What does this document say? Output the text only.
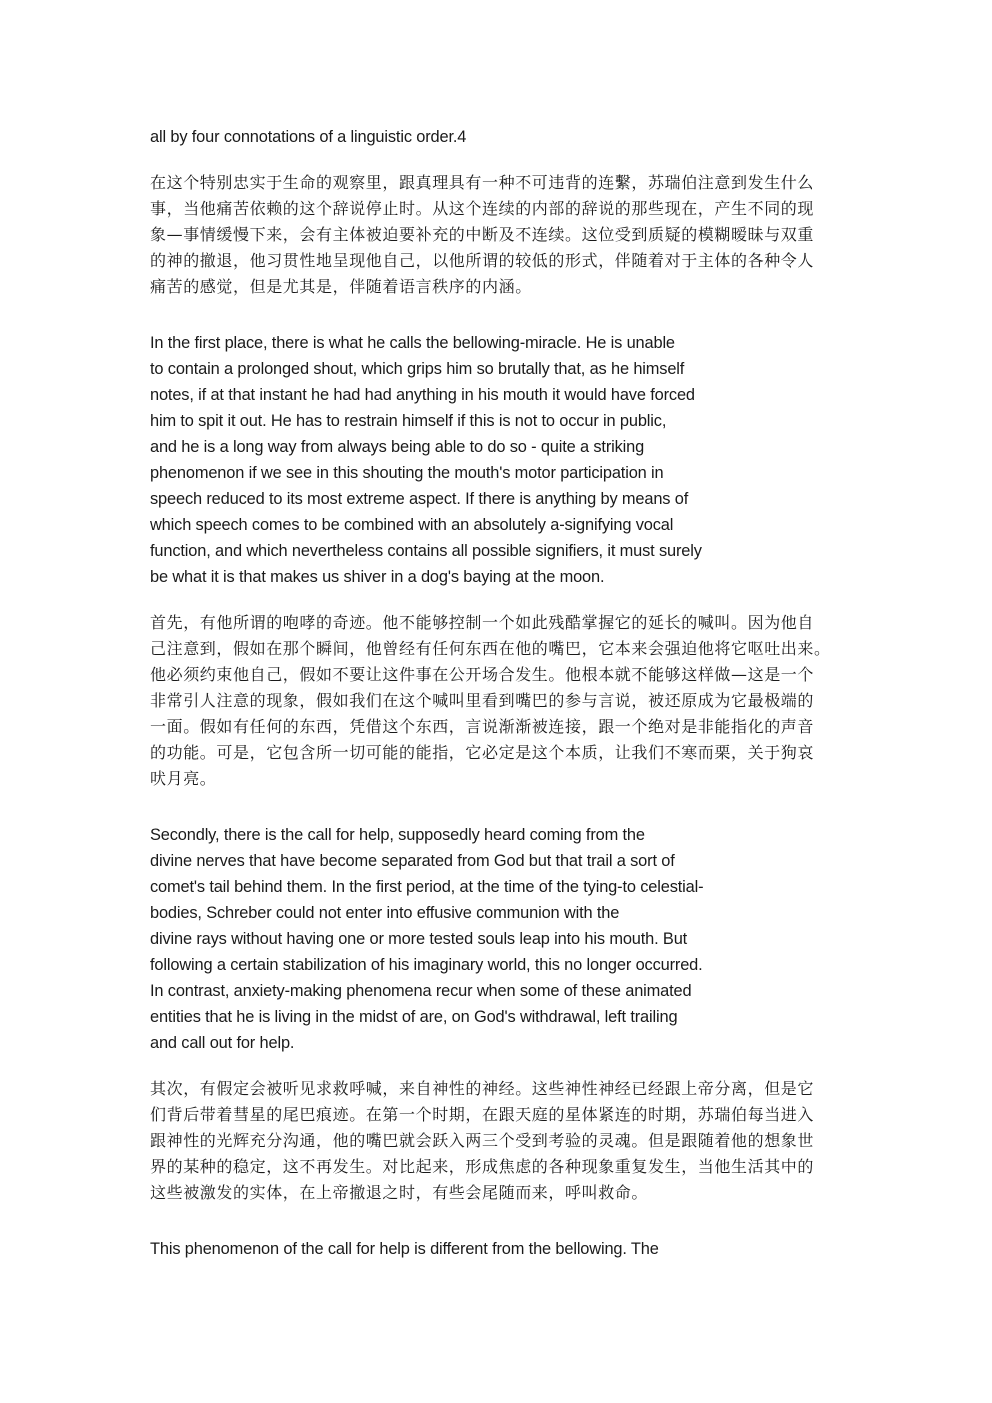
all by four connotations of a linguistic order.4
在这个特别忠实于生命的观察里，跟真理具有一种不可违背的连繫，苏瑞伯注意到发生什么
事，当他痛苦依赖的这个辞说停止时。从这个连续的内部的辞说的那些现在，产生不同的现
象—事情缓慢下来，会有主体被迫要补充的中断及不连续。这位受到质疑的模糊暧昧与双重
的神的撤退，他习贯性地呈现他自己，以他所谓的较低的形式，伴随着对于主体的各种令人
痛苦的感觉，但是尤其是，伴随着语言秩序的内涵。
In the first place, there is what he calls the bellowing-miracle. He is unable
to contain a prolonged shout, which grips him so brutally that, as he himself
notes, if at that instant he had had anything in his mouth it would have forced
him to spit it out. He has to restrain himself if this is not to occur in public,
and he is a long way from always being able to do so - quite a striking
phenomenon if we see in this shouting the mouth's motor participation in
speech reduced to its most extreme aspect. If there is anything by means of
which speech comes to be combined with an absolutely a-signifying vocal
function, and which nevertheless contains all possible signifiers, it must surely
be what it is that makes us shiver in a dog's baying at the moon.
首先，有他所谓的咆哮的奇迹。他不能够控制一个如此残酷掌握它的延长的喊叫。因为他自
己注意到，假如在那个瞬间，他曾经有任何东西在他的嘴巴，它本来会强迫他将它呕吐出来。
他必须约束他自己，假如不要让这件事在公开场合发生。他根本就不能够这样做—这是一个
非常引人注意的现象，假如我们在这个喊叫里看到嘴巴的参与言说，被还原成为它最极端的
一面。假如有任何的东西，凭借这个东西，言说渐渐被连接，跟一个绝对是非能指化的声音
的功能。可是，它包含所一切可能的能指，它必定是这个本质，让我们不寒而栗，关于狗哀
吠月亮。
Secondly, there is the call for help, supposedly heard coming from the
divine nerves that have become separated from God but that trail a sort of
comet's tail behind them. In the first period, at the time of the tying-to celestial-
bodies, Schreber could not enter into effusive communion with the
divine rays without having one or more tested souls leap into his mouth. But
following a certain stabilization of his imaginary world, this no longer occurred.
In contrast, anxiety-making phenomena recur when some of these animated
entities that he is living in the midst of are, on God's withdrawal, left trailing
and call out for help.
其次，有假定会被听见求救呼喊，来自神性的神经。这些神性神经已经跟上帝分离，但是它
们背后带着彗星的尾巴痕迹。在第一个时期，在跟天庭的星体紧连的时期，苏瑞伯每当进入
跟神性的光辉充分沟通，他的嘴巴就会跃入两三个受到考验的灵魂。但是跟随着他的想象世
界的某种的稳定，这不再发生。对比起来，形成焦虑的各种现象重复发生，当他生活其中的
这些被激发的实体，在上帝撤退之时，有些会尾随而来，呼叫救命。
This phenomenon of the call for help is different from the bellowing. The
